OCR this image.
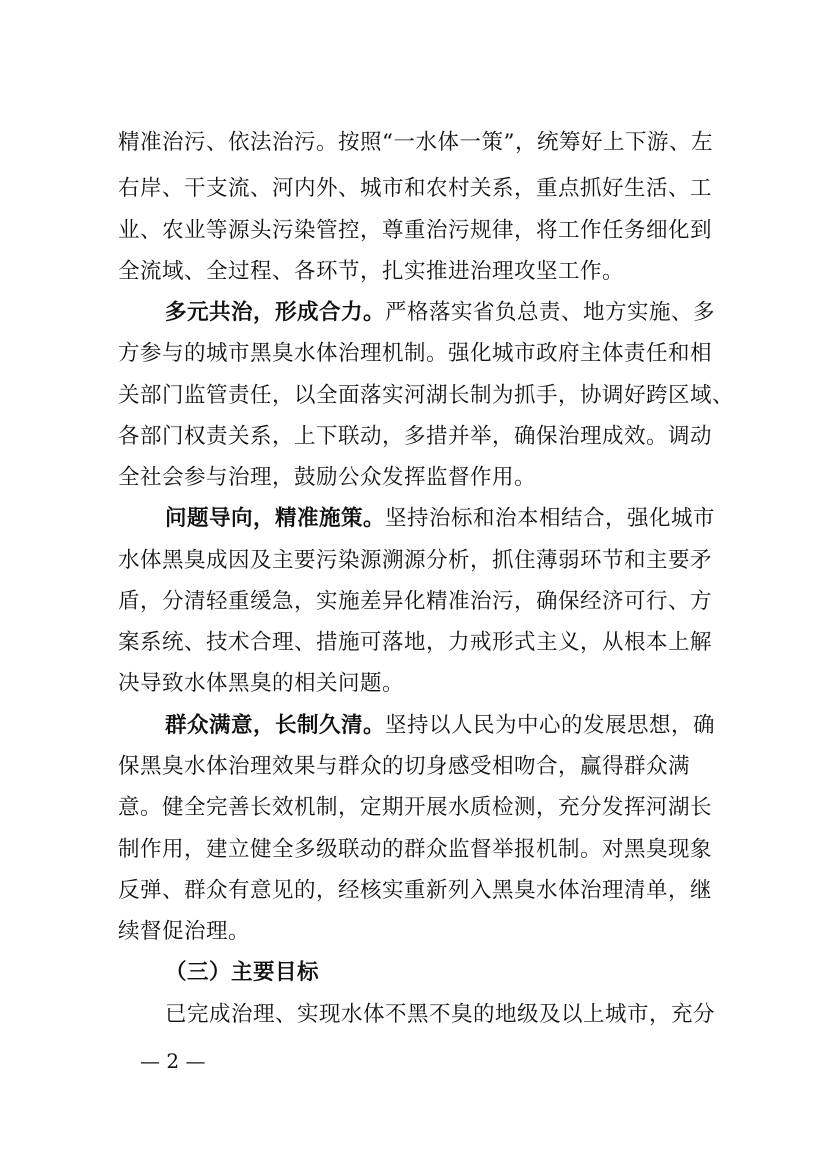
精准治污、依法治污。按照“一水体一策”，统筹好上下游、左
右岸、干支流、河内外、城市和农村关系，重点抓好生活、工
业、农业等源头污染管控，尊重治污规律，将工作任务细化到
全流域、全过程、各环节，扎实推进治理攻坚工作。
多元共治，形成合力。严格落实省负总责、地方实施、多
方参与的城市黑臭水体治理机制。强化城市政府主体责任和相
关部门监管责任，以全面落实河湖长制为抓手，协调好跨区域、
各部门权责关系，上下联动，多措并举，确保治理成效。调动
全社会参与治理，鼓励公众发挥监督作用。
问题导向，精准施策。坚持治标和治本相结合，强化城市
水体黑臭成因及主要污染源溯源分析，抓住薄弱环节和主要矛
盾，分清轻重缓急，实施差异化精准治污，确保经济可行、方
案系统、技术合理、措施可落地，力戒形式主义，从根本上解
决导致水体黑臭的相关问题。
群众满意，长制久清。坚持以人民为中心的发展思想，确
保黑臭水体治理效果与群众的切身感受相吻合，赢得群众满
意。健全完善长效机制，定期开展水质检测，充分发挥河湖长
制作用，建立健全多级联动的群众监督举报机制。对黑臭现象
反弹、群众有意见的，经核实重新列入黑臭水体治理清单，继
续督促治理。
（三）主要目标
已完成治理、实现水体不黑不臭的地级及以上城市，充分
— 2 —
